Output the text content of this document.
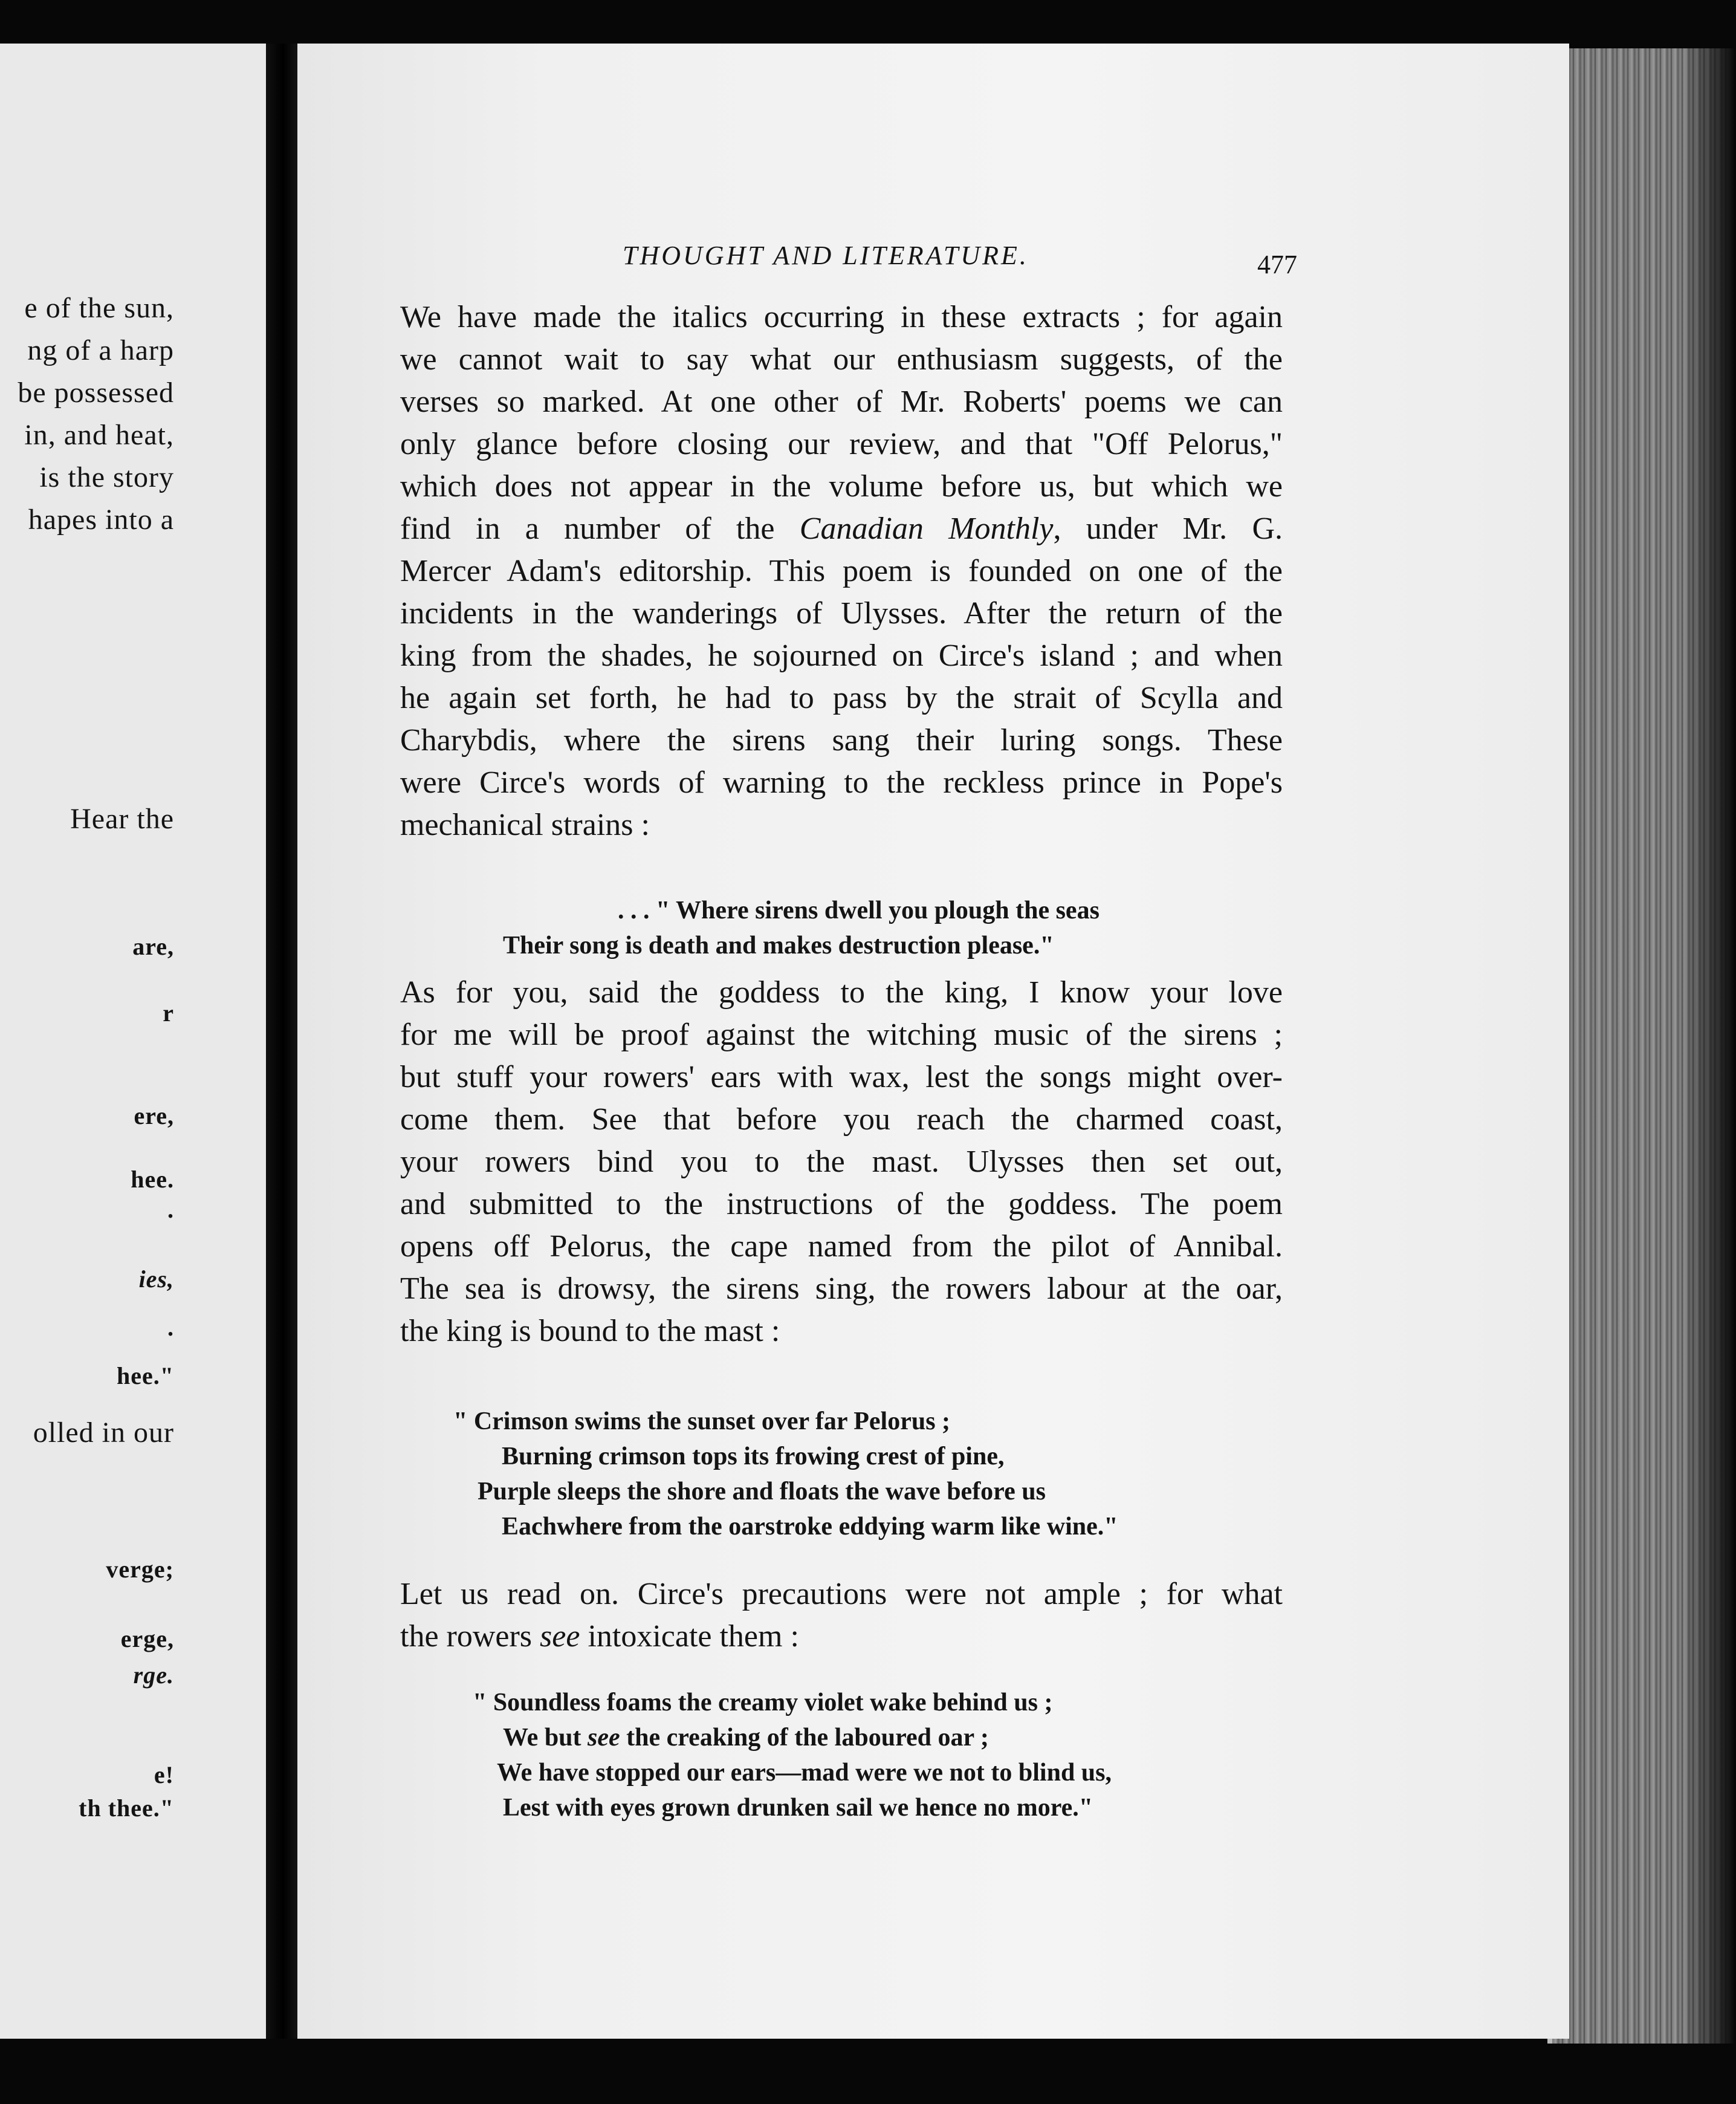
e of the sun,
ng of a harp
be possessed
in, and heat,
is the story
hapes into a
Hear the
are,
r
ere,
hee.
.
ies,
.
hee."
olled in our
verge;
erge,
rge.
e!
th thee."
THOUGHT AND LITERATURE.	477
We have made the italics occurring in these extracts ; for again
we cannot wait to say what our enthusiasm suggests, of the
verses so marked. At one other of Mr. Roberts' poems we can
only glance before closing our review, and that "Off Pelorus,"
which does not appear in the volume before us, but which we
find in a number of the Canadian Monthly, under Mr. G.
Mercer Adam's editorship. This poem is founded on one of the
incidents in the wanderings of Ulysses. After the return of the
king from the shades, he sojourned on Circe's island ; and when
he again set forth, he had to pass by the strait of Scylla and
Charybdis, where the sirens sang their luring songs. These
were Circe's words of warning to the reckless prince in Pope's
mechanical strains :
. . . " Where sirens dwell you plough the seas
Their song is death and makes destruction please."
As for you, said the goddess to the king, I know your love
for me will be proof against the witching music of the sirens ;
but stuff your rowers' ears with wax, lest the songs might over-
come them. See that before you reach the charmed coast,
your rowers bind you to the mast. Ulysses then set out,
and submitted to the instructions of the goddess. The poem
opens off Pelorus, the cape named from the pilot of Annibal.
The sea is drowsy, the sirens sing, the rowers labour at the oar,
the king is bound to the mast :
" Crimson swims the sunset over far Pelorus ;
Burning crimson tops its frowing crest of pine,
Purple sleeps the shore and floats the wave before us
Eachwhere from the oarstroke eddying warm like wine."
Let us read on. Circe's precautions were not ample ; for what
the rowers see intoxicate them :
" Soundless foams the creamy violet wake behind us ;
We but see the creaking of the laboured oar ;
We have stopped our ears—mad were we not to blind us,
Lest with eyes grown drunken sail we hence no more."
